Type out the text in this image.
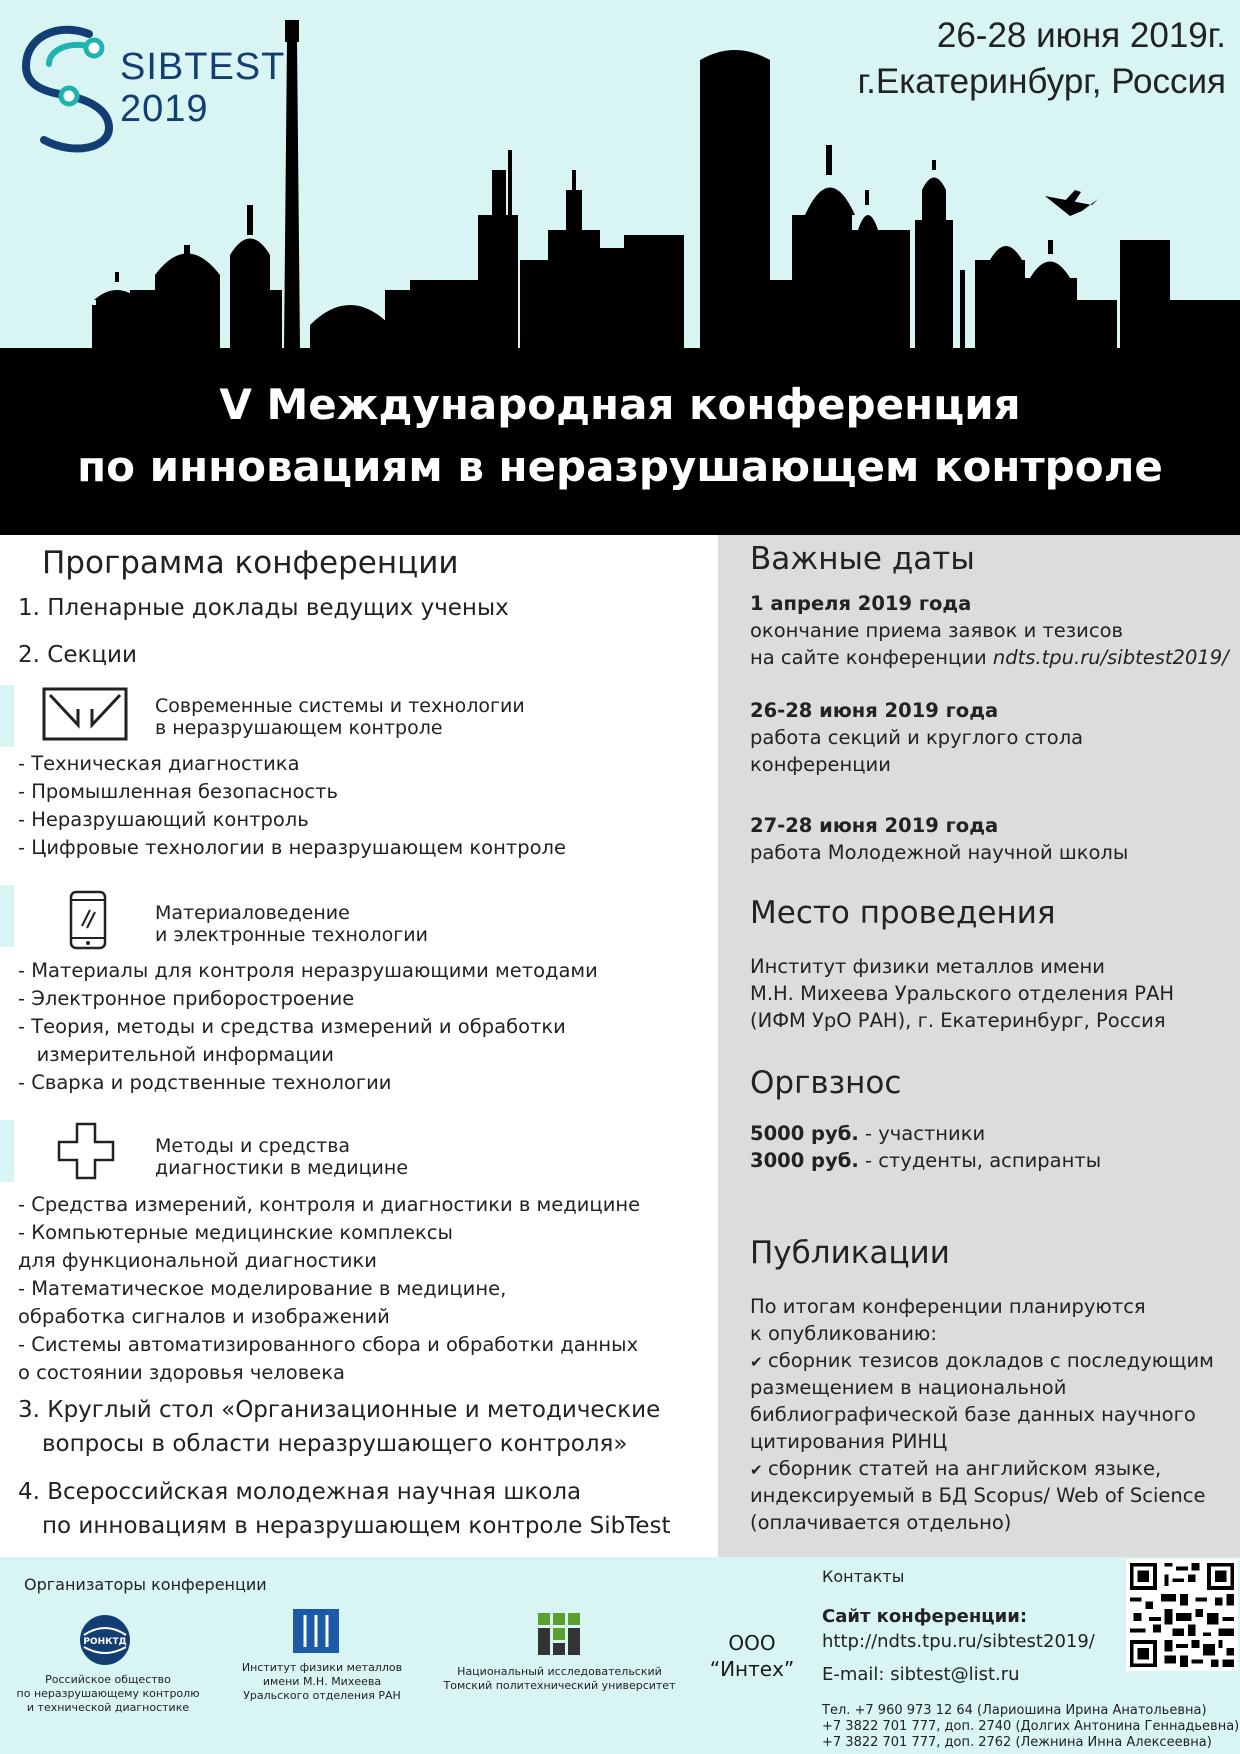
SIBTEST
2019
26-28 июня 2019г.
г.Екатеринбург, Россия
V Международная конференция
по инновациям в неразрушающем контроле
Программа конференции
1. Пленарные доклады ведущих ученых
2. Секции
Современные системы и технологии
в неразрушающем контроле
- Техническая диагностика
- Промышленная безопасность
- Неразрушающий контроль
- Цифровые технологии в неразрушающем контроле
Материаловедение
и электронные технологии
- Материалы для контроля неразрушающими методами
- Электронное приборостроение
- Теория, методы и средства измерений и обработки
измерительной информации
- Сварка и родственные технологии
Методы и средства
диагностики в медицине
- Средства измерений, контроля и диагностики в медицине
- Компьютерные медицинские комплексы
для функциональной диагностики
- Математическое моделирование в медицине,
обработка сигналов и изображений
- Системы автоматизированного сбора и обработки данных
о состоянии здоровья человека
3. Круглый стол «Организационные и методические
вопросы в области неразрушающего контроля»
4. Всероссийская молодежная научная школа
по инновациям в неразрушающем контроле SibTest
Важные даты
1 апреля 2019 года
окончание приема заявок и тезисов
на сайте конференции ndts.tpu.ru/sibtest2019/
26-28 июня 2019 года
работа секций и круглого стола
конференции
27-28 июня 2019 года
работа Молодежной научной школы
Место проведения
Институт физики металлов имени
М.Н. Михеева Уральского отделения РАН
(ИФМ УрО РАН), г. Екатеринбург, Россия
Оргвзнос
5000 руб. - участники
3000 руб. - студенты, аспиранты
Публикации
По итогам конференции планируются
к опубликованию:
✔ сборник тезисов докладов с последующим
размещением в национальной
библиографической базе данных научного
цитирования РИНЦ
✔ сборник статей на английском языке,
индексируемый в БД Scopus/ Web of Science
(оплачивается отдельно)
Организаторы конференции
РОНКТД
Российское общество
по неразрушающему контролю
и технической диагностике
Институт физики металлов
имени М.Н. Михеева
Уральского отделения РАН
Национальный исследовательский
Томский политехнический университет
ООО
“Интех”
Контакты
Сайт конференции:
http://ndts.tpu.ru/sibtest2019/
E-mail: sibtest@list.ru
Тел. +7 960 973 12 64 (Лариошина Ирина Анатольевна)
+7 3822 701 777, доп. 2740 (Долгих Антонина Геннадьевна)
+7 3822 701 777, доп. 2762 (Лежнина Инна Алексеевна)
